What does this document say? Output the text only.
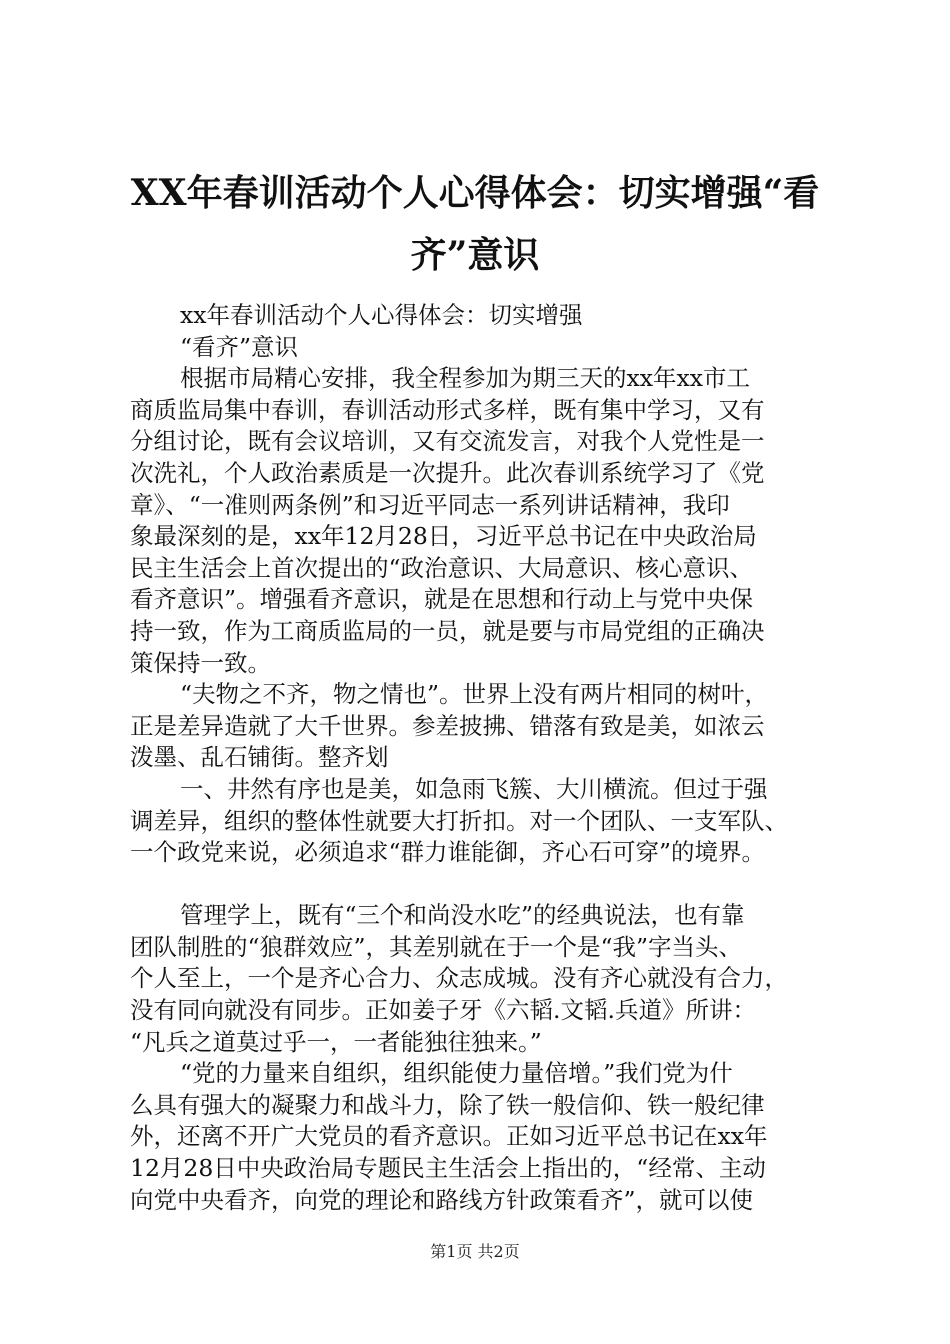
XX年春训活动个人心得体会：切实增强“看
齐”意识
xx年春训活动个人心得体会：切实增强
“看齐”意识
根据市局精心安排，我全程参加为期三天的xx年xx市工
商质监局集中春训，春训活动形式多样，既有集中学习，又有
分组讨论，既有会议培训，又有交流发言，对我个人党性是一
次洗礼，个人政治素质是一次提升。此次春训系统学习了《党
章》、“一准则两条例”和习近平同志一系列讲话精神，我印
象最深刻的是，xx年12月28日，习近平总书记在中央政治局
民主生活会上首次提出的“政治意识、大局意识、核心意识、
看齐意识”。增强看齐意识，就是在思想和行动上与党中央保
持一致，作为工商质监局的一员，就是要与市局党组的正确决
策保持一致。
“夫物之不齐，物之情也”。世界上没有两片相同的树叶，
正是差异造就了大千世界。参差披拂、错落有致是美，如浓云
泼墨、乱石铺街。整齐划
一、井然有序也是美，如急雨飞簇、大川横流。但过于强
调差异，组织的整体性就要大打折扣。对一个团队、一支军队、
一个政党来说，必须追求“群力谁能御，齐心石可穿”的境界。
管理学上，既有“三个和尚没水吃”的经典说法，也有靠
团队制胜的“狼群效应”，其差别就在于一个是“我”字当头、
个人至上，一个是齐心合力、众志成城。没有齐心就没有合力，
没有同向就没有同步。正如姜子牙《六韬.文韬.兵道》所讲：
“凡兵之道莫过乎一，一者能独往独来。”
“党的力量来自组织，组织能使力量倍增。”我们党为什
么具有强大的凝聚力和战斗力，除了铁一般信仰、铁一般纪律
外，还离不开广大党员的看齐意识。正如习近平总书记在xx年
12月28日中央政治局专题民主生活会上指出的，“经常、主动
向党中央看齐，向党的理论和路线方针政策看齐”，就可以使
第1页 共2页
